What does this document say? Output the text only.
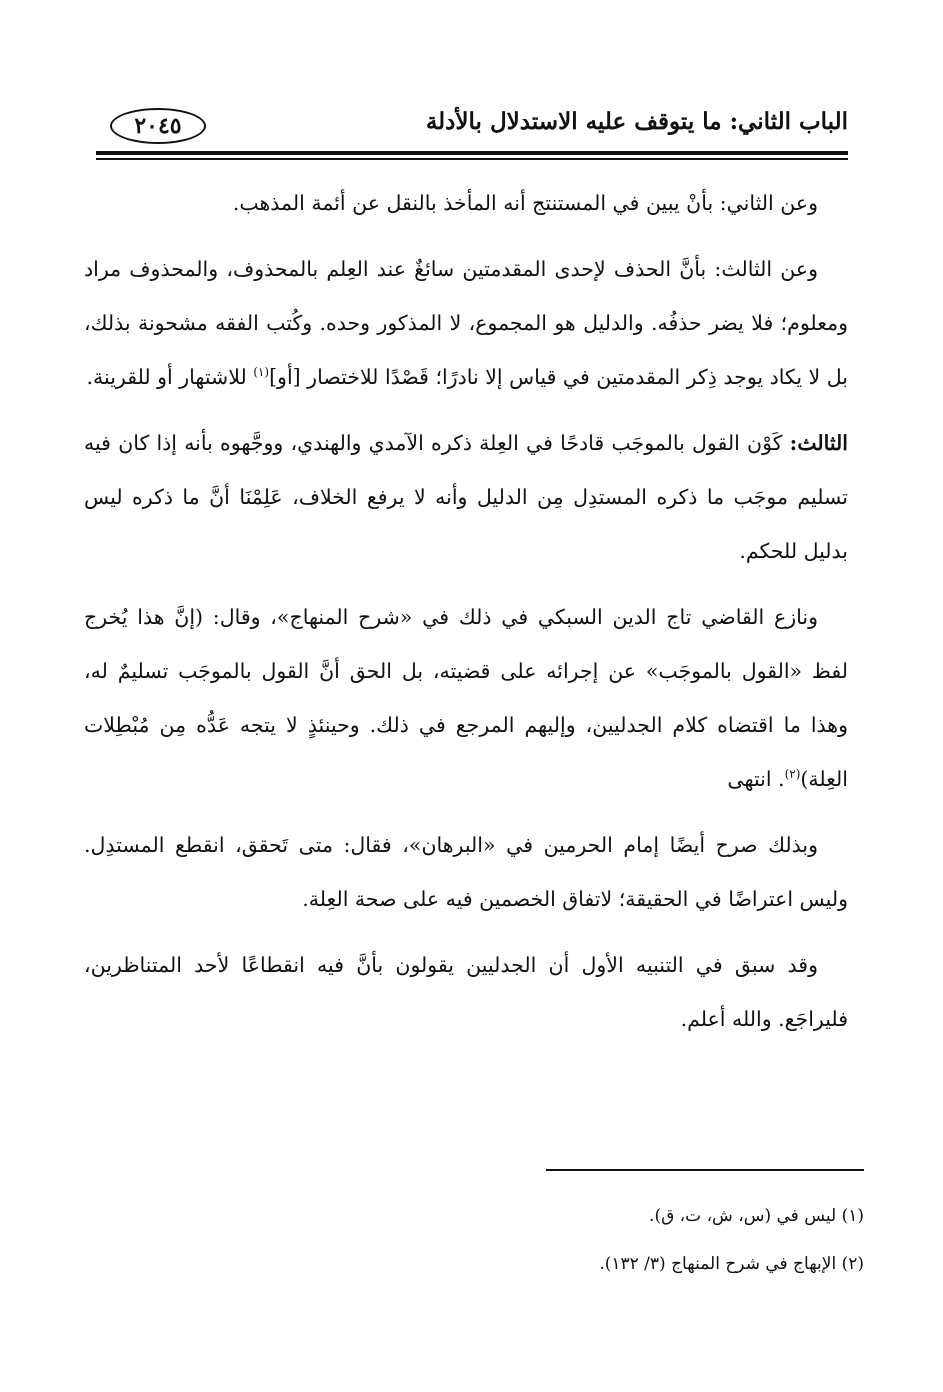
الباب الثاني: ما يتوقف عليه الاستدلال بالأدلة
٢٠٤٥

وعن الثاني: بأنْ يبين في المستنتج أنه المأخذ بالنقل عن أئمة المذهب.

وعن الثالث: بأنَّ الحذف لإحدى المقدمتين سائغٌ عند العِلم بالمحذوف، والمحذوف مراد ومعلوم؛ فلا يضر حذفُه. والدليل هو المجموع، لا المذكور وحده. وكُتب الفقه مشحونة بذلك، بل لا يكاد يوجد ذِكر المقدمتين في قياس إلا نادرًا؛ قَصْدًا للاختصار [أو]$^{(١)}$ للاشتهار أو للقرينة.

الثالث: كَوْن القول بالموجَب قادحًا في العِلة ذكره الآمدي والهندي، ووجَّهوه بأنه إذا كان فيه تسليم موجَب ما ذكره المستدِل مِن الدليل وأنه لا يرفع الخلاف، عَلِمْنَا أنَّ ما ذكره ليس بدليل للحكم.

ونازع القاضي تاج الدين السبكي في ذلك في «شرح المنهاج»، وقال: (إنَّ هذا يُخرج لفظ «القول بالموجَب» عن إجرائه على قضيته، بل الحق أنَّ القول بالموجَب تسليمٌ له، وهذا ما اقتضاه كلام الجدليين، وإليهم المرجع في ذلك. وحينئذٍ لا يتجه عَدُّه مِن مُبْطِلات العِلة)$^{(٢)}$. انتهى

وبذلك صرح أيضًا إمام الحرمين في «البرهان»، فقال: متى تَحقق، انقطع المستدِل. وليس اعتراضًا في الحقيقة؛ لاتفاق الخصمين فيه على صحة العِلة.

وقد سبق في التنبيه الأول أن الجدليين يقولون بأنَّ فيه انقطاعًا لأحد المتناظرين، فليراجَع. والله أعلم.

(١) ليس في (س، ش، ت، ق).

(٢) الإبهاج في شرح المنهاج (٣/ ١٣٢).
